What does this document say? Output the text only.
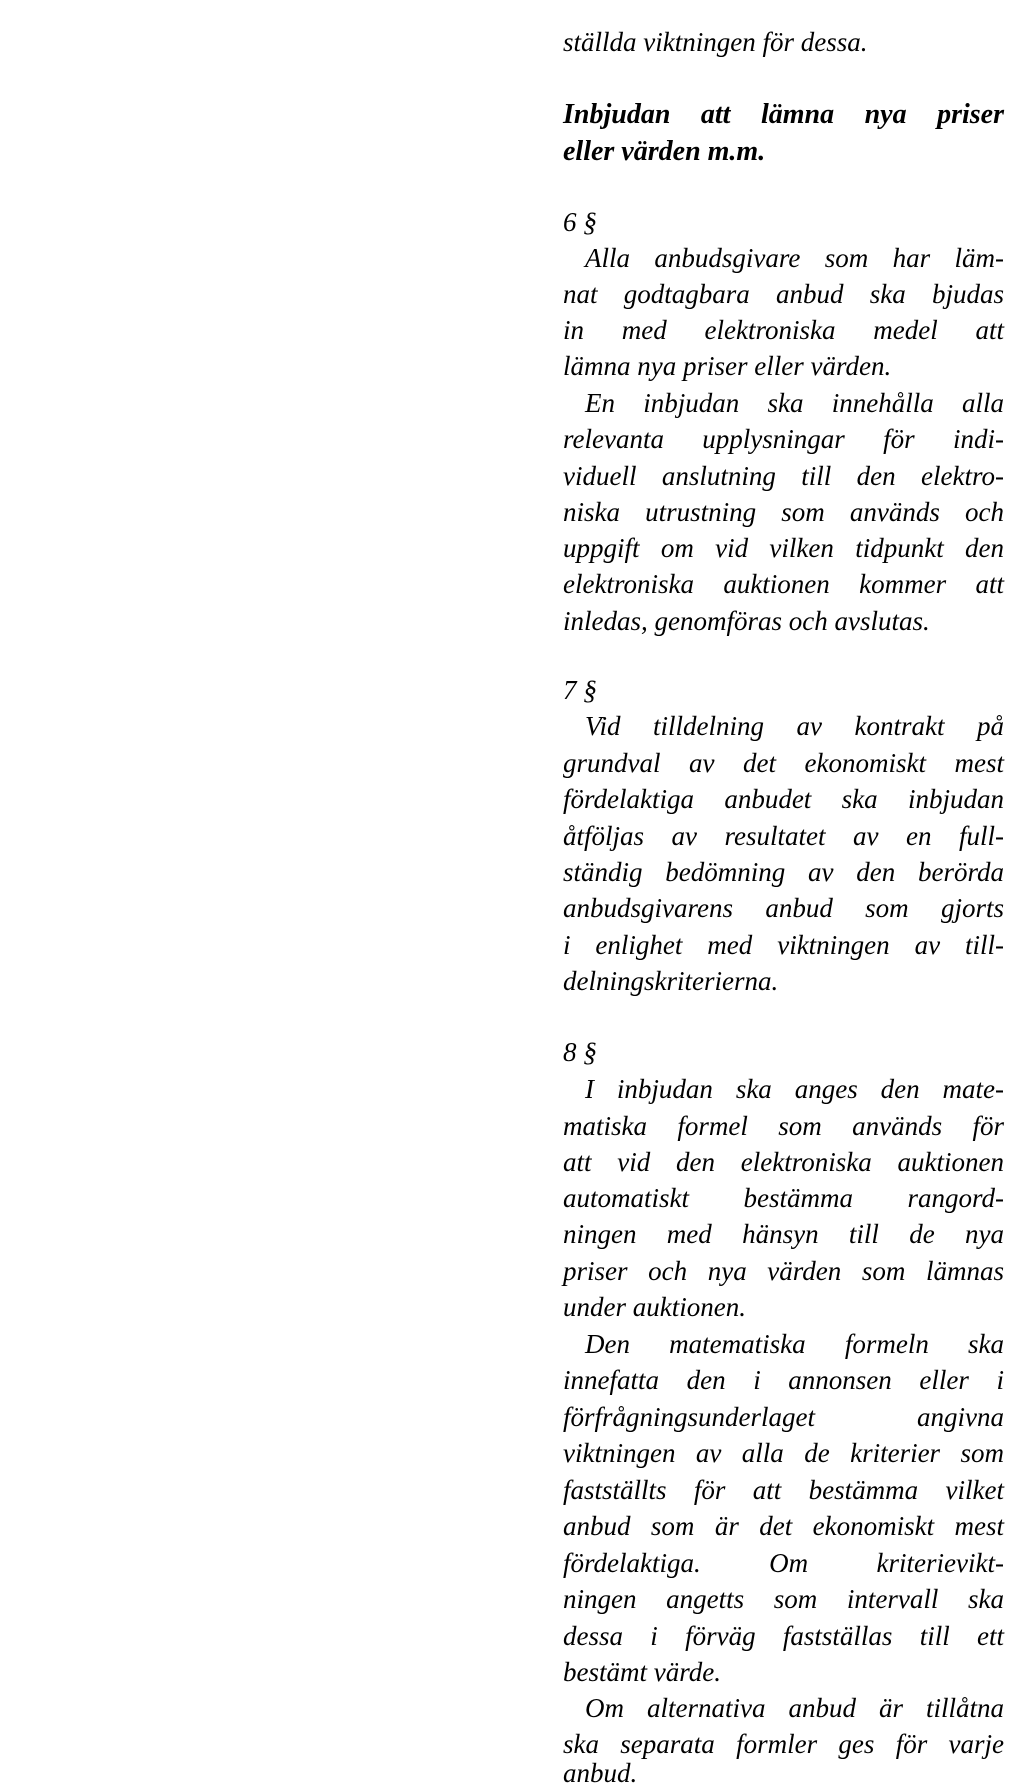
ställda viktningen för dessa.
Inbjudan att lämna nya priser
eller värden m.m.
6 §
Alla anbudsgivare som har läm-
nat godtagbara anbud ska bjudas
in med elektroniska medel att
lämna nya priser eller värden.
En inbjudan ska innehålla alla
relevanta upplysningar för indi-
viduell anslutning till den elektro-
niska utrustning som används och
uppgift om vid vilken tidpunkt den
elektroniska auktionen kommer att
inledas, genomföras och avslutas.
7 §
Vid tilldelning av kontrakt på
grundval av det ekonomiskt mest
fördelaktiga anbudet ska inbjudan
åtföljas av resultatet av en full-
ständig bedömning av den berörda
anbudsgivarens anbud som gjorts
i enlighet med viktningen av till-
delningskriterierna.
8 §
I inbjudan ska anges den mate-
matiska formel som används för
att vid den elektroniska auktionen
automatiskt bestämma rangord-
ningen med hänsyn till de nya
priser och nya värden som lämnas
under auktionen.
Den matematiska formeln ska
innefatta den i annonsen eller i
förfrågningsunderlaget angivna
viktningen av alla de kriterier som
fastställts för att bestämma vilket
anbud som är det ekonomiskt mest
fördelaktiga. Om kriterievikt-
ningen angetts som intervall ska
dessa i förväg fastställas till ett
bestämt värde.
Om alternativa anbud är tillåtna
ska separata formler ges för varje
anbud.
